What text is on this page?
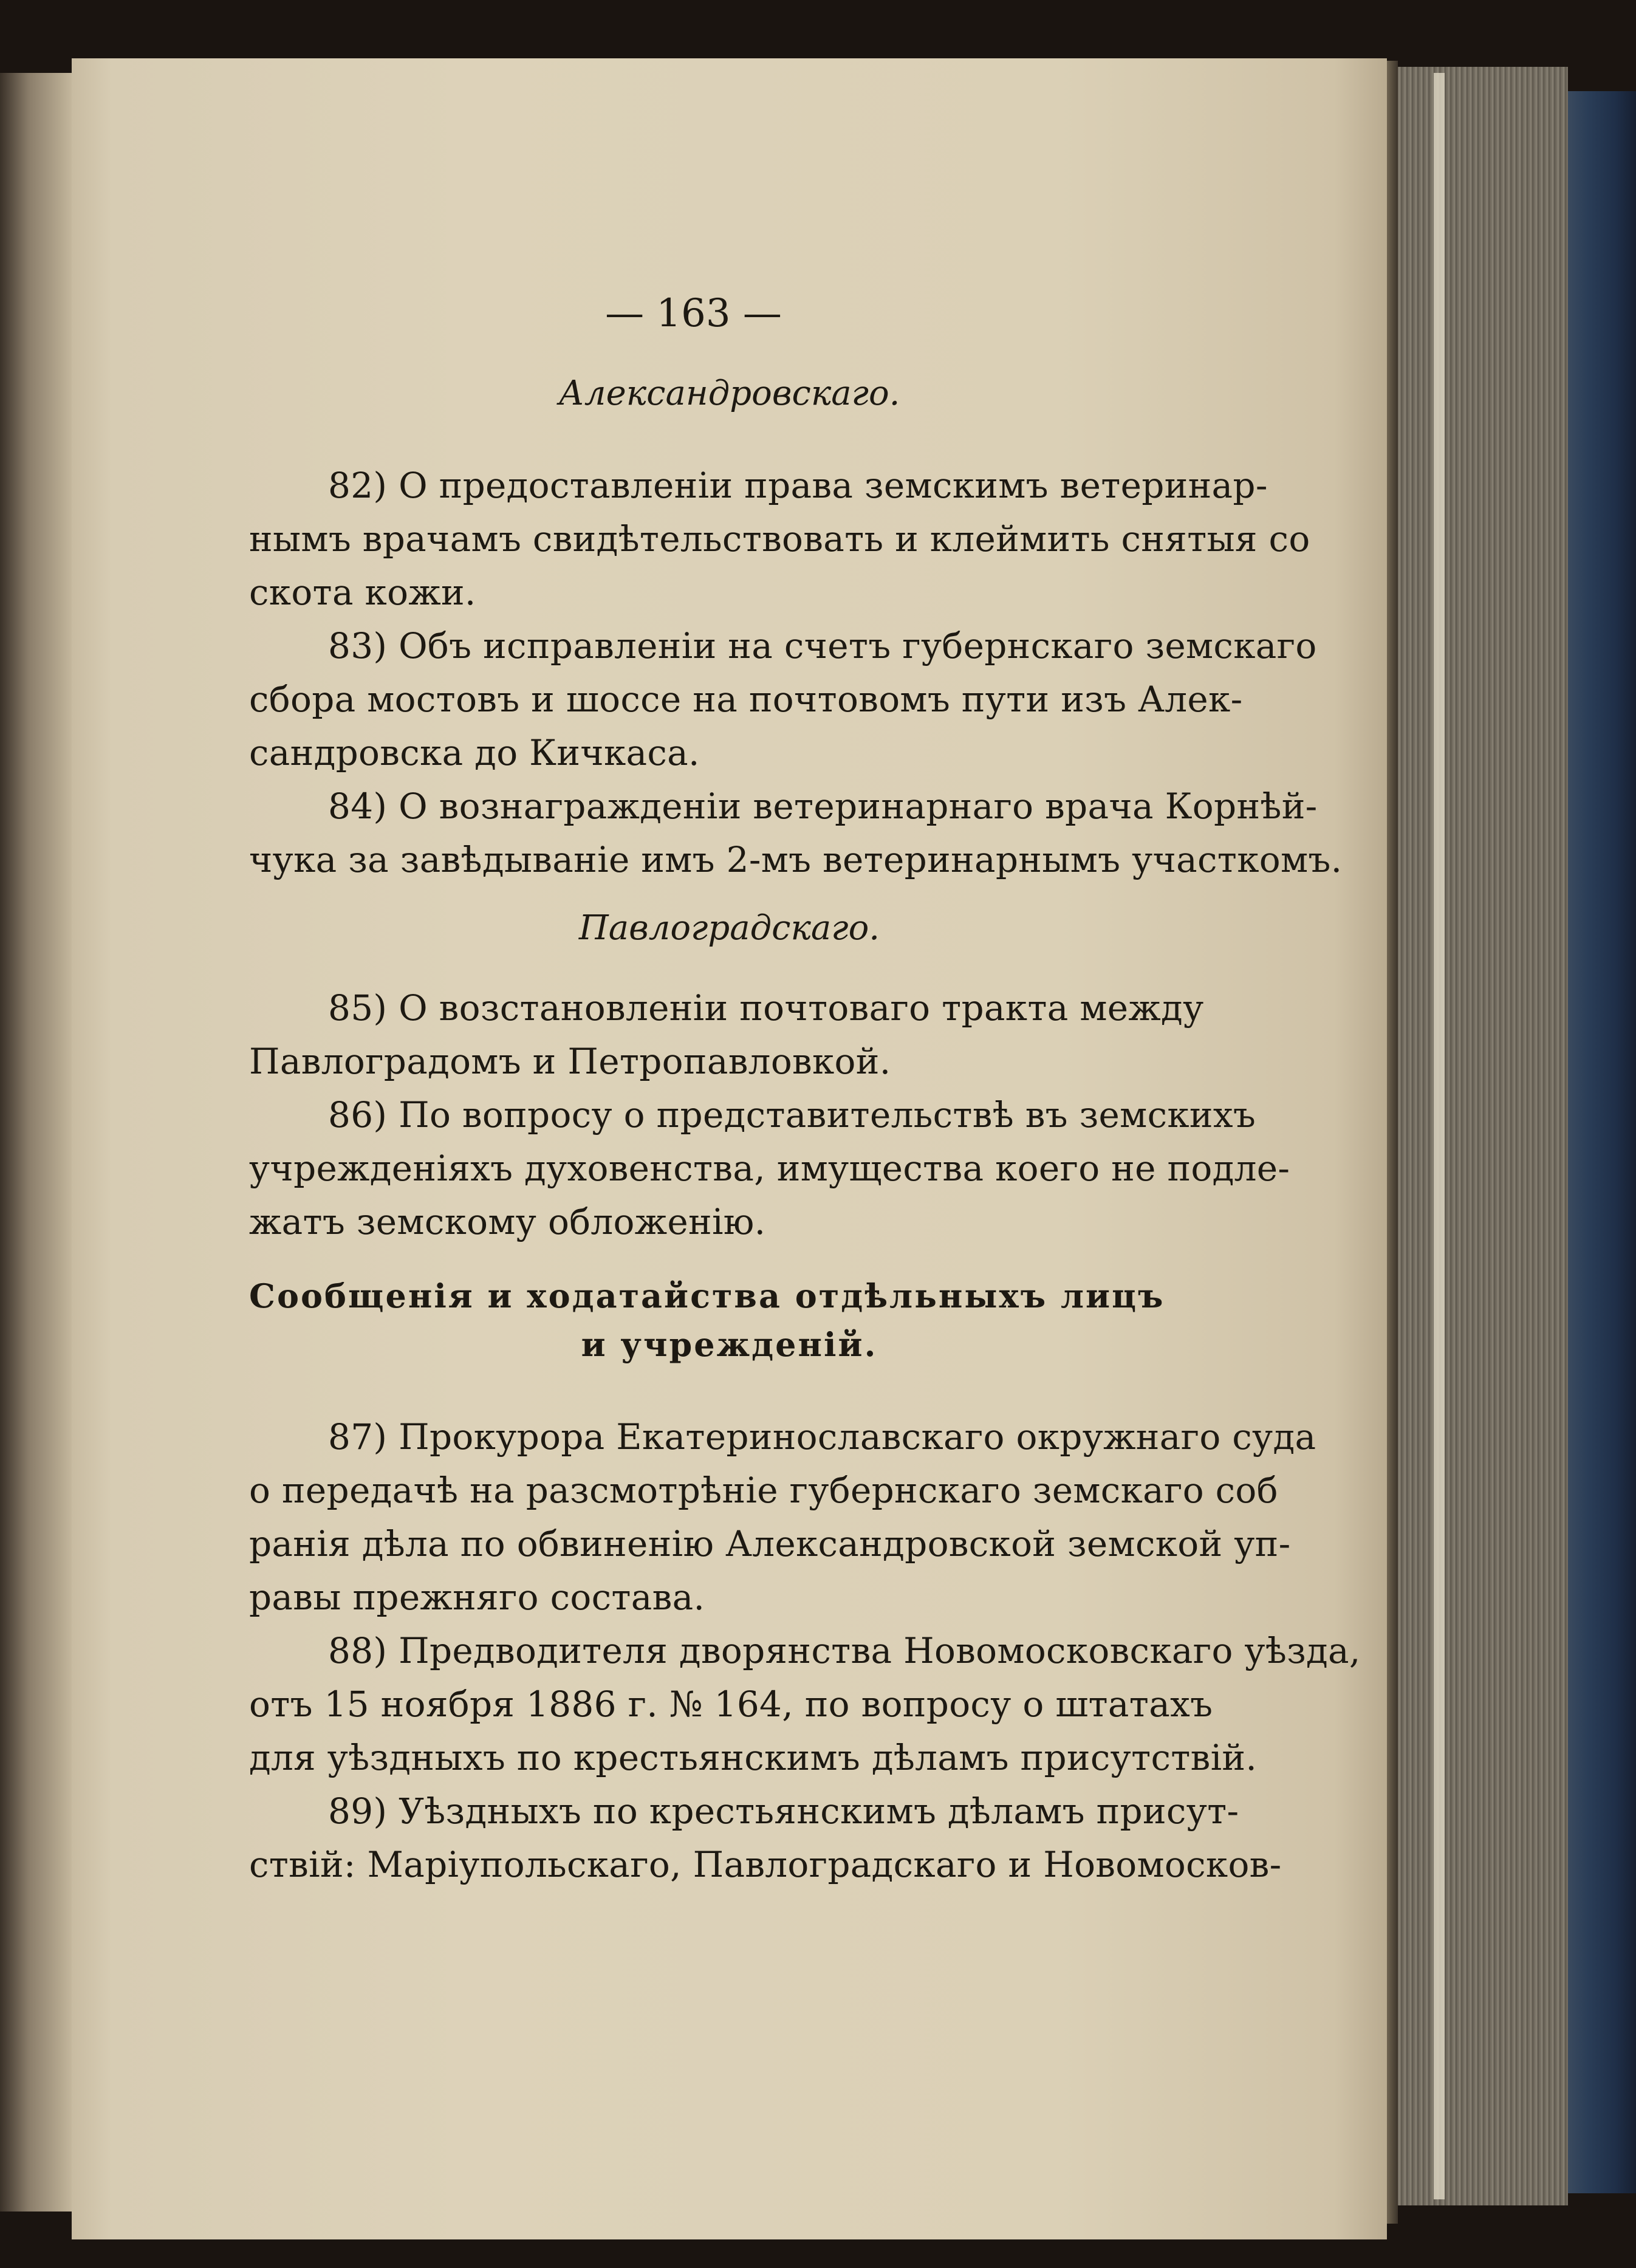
— 163 —
Александровскаго.
82) О предоставленіи права земскимъ ветеринар-
нымъ врачамъ свидѣтельствовать и клеймить снятыя со
скота кожи.
83) Объ исправленіи на счетъ губернскаго земскаго
сбора мостовъ и шоссе на почтовомъ пути изъ Алек-
сандровска до Кичкаса.
84) О вознагражденіи ветеринарнаго врача Корнѣй-
чука за завѣдываніе имъ 2-мъ ветеринарнымъ участкомъ.
Павлоградскаго.
85) О возстановленіи почтоваго тракта между
Павлоградомъ и Петропавловкой.
86) По вопросу о представительствѣ въ земскихъ
учрежденіяхъ духовенства, имущества коего не подле-
жатъ земскому обложенію.
Сообщенія и ходатайства отдѣльныхъ лицъ
и учрежденій.
87) Прокурора Екатеринославскаго окружнаго суда
о передачѣ на разсмотрѣніе губернскаго земскаго соб
ранія дѣла по обвиненію Александровской земской уп-
равы прежняго состава.
88) Предводителя дворянства Новомосковскаго уѣзда,
отъ 15 ноября 1886 г. № 164, по вопросу о штатахъ
для уѣздныхъ по крестьянскимъ дѣламъ присутствій.
89) Уѣздныхъ по крестьянскимъ дѣламъ присут-
ствій: Маріупольскаго, Павлоградскаго и Новомосков-
